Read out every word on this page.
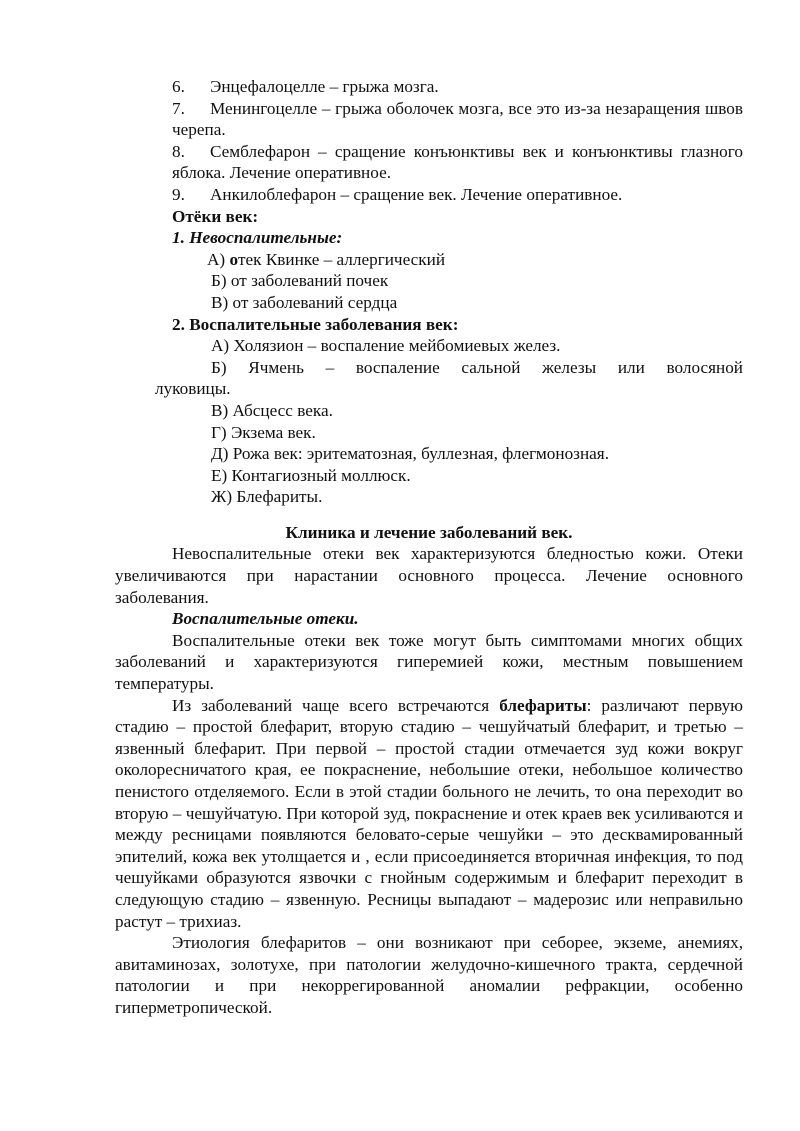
6. Энцефалоцелле – грыжа мозга.

7. Менингоцелле – грыжа оболочек мозга, все это из-за незаращения швов черепа.

8. Семблефарон – сращение конъюнктивы век и конъюнктивы глазного яблока. Лечение оперативное.

9. Анкилоблефарон – сращение век. Лечение оперативное.

Отёки век:

1. Невоспалительные:

А) отек Квинке – аллергический

Б) от заболеваний почек

В) от заболеваний сердца

2. Воспалительные заболевания век:

А) Холязион – воспаление мейбомиевых желез.

Б) Ячмень – воспаление сальной железы или волосяной

луковицы.

В) Абсцесс века.

Г) Экзема век.

Д) Рожа век: эритематозная, буллезная, флегмонозная.

Е) Контагиозный моллюск.

Ж) Блефариты.

Клиника и лечение заболеваний век.

Невоспалительные отеки век характеризуются бледностью кожи. Отеки увеличиваются при нарастании основного процесса. Лечение основного заболевания.

Воспалительные отеки.

Воспалительные отеки век тоже могут быть симптомами многих общих заболеваний и характеризуются гиперемией кожи, местным повышением температуры.

Из заболеваний чаще всего встречаются блефариты: различают первую стадию – простой блефарит, вторую стадию – чешуйчатый блефарит, и третью – язвенный блефарит. При первой – простой стадии отмечается зуд кожи вокруг околоресничатого края, ее покраснение, небольшие отеки, небольшое количество пенистого отделяемого. Если в этой стадии больного не лечить, то она переходит во вторую – чешуйчатую. При которой зуд, покраснение и отек краев век усиливаются и между ресницами появляются беловато-серые чешуйки – это десквамированный эпителий, кожа век утолщается и , если присоединяется вторичная инфекция, то под чешуйками образуются язвочки с гнойным содержимым и блефарит переходит в следующую стадию – язвенную. Ресницы выпадают – мадерозис или неправильно растут – трихиаз.

Этиология блефаритов – они возникают при себорее, экземе, анемиях, авитаминозах, золотухе, при патологии желудочно-кишечного тракта, сердечной патологии и при некоррегированной аномалии рефракции, особенно гиперметропической.
